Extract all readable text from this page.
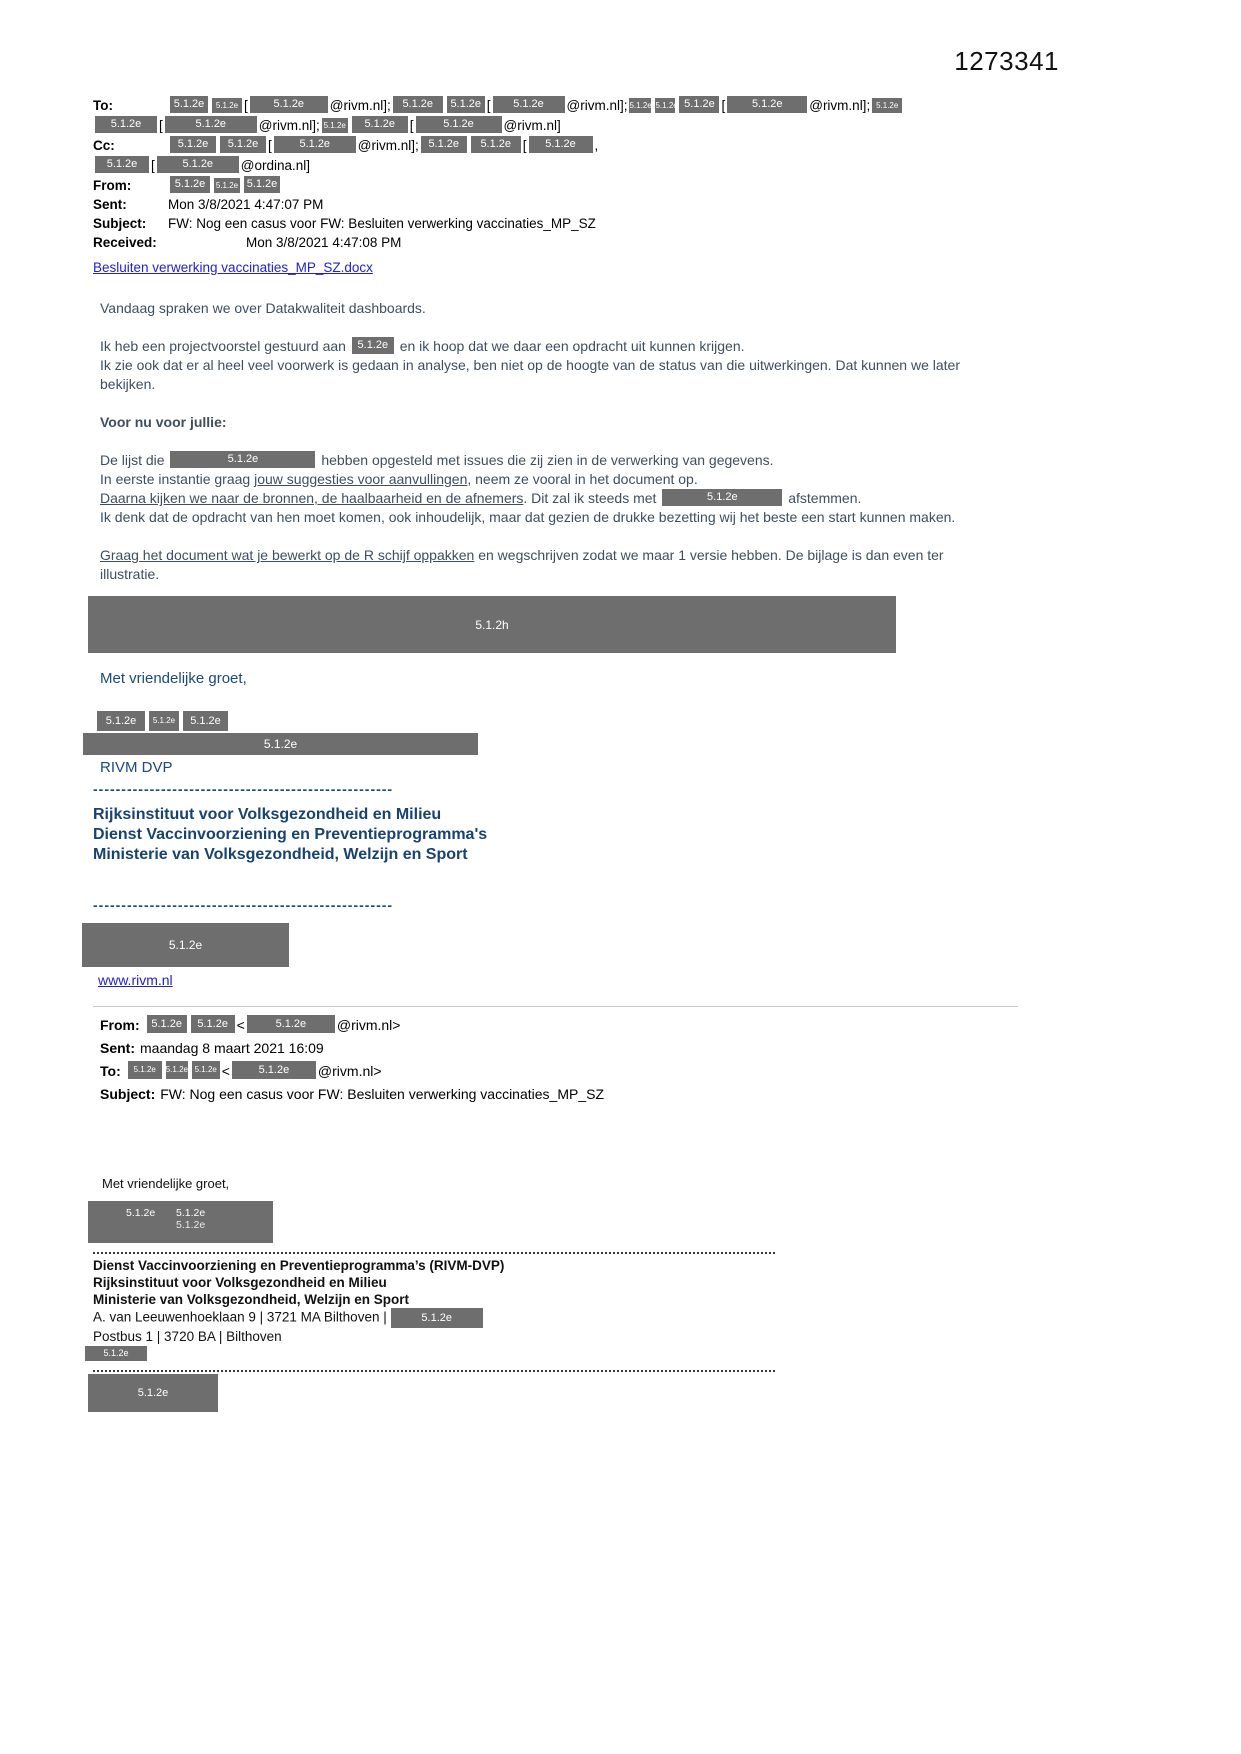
1273341
To:	5.1.2e 5.1.2e [ 5.1.2e @rivm.nl]; 5.1.2e 5.1.2e [ 5.1.2e @rivm.nl]; 5.1.2e 5.1.2e 5.1.2e [ 5.1.2e @rivm.nl]; 5.1.2e
5.1.2e [	5.1.2e @rivm.nl]; 5.1.2e 5.1.2e [	5.1.2e @rivm.nl]
Cc:	5.1.2e 5.1.2e [	5.1.2e @rivm.nl]; 5.1.2e 5.1.2e [ 5.1.2e ,
5.1.2e [	5.1.2e @ordina.nl]
From:	5.1.2e 5.1.2e 5.1.2e
Sent:	Mon 3/8/2021 4:47:07 PM
Subject: FW: Nog een casus voor FW: Besluiten verwerking vaccinaties_MP_SZ
Received:	Mon 3/8/2021 4:47:08 PM
Besluiten verwerking vaccinaties_MP_SZ.docx
Vandaag spraken we over Datakwaliteit dashboards.
Ik heb een projectvoorstel gestuurd aan 5.1.2e en ik hoop dat we daar een opdracht uit kunnen krijgen.
Ik zie ook dat er al heel veel voorwerk is gedaan in analyse, ben niet op de hoogte van de status van die uitwerkingen. Dat kunnen we later bekijken.
Voor nu voor jullie:
De lijst die	5.1.2e	hebben opgesteld met issues die zij zien in de verwerking van gegevens.
In eerste instantie graag jouw suggesties voor aanvullingen, neem ze vooral in het document op.
Daarna kijken we naar de bronnen, de haalbaarheid en de afnemers. Dit zal ik steeds met	5.1.2e	afstemmen.
Ik denk dat de opdracht van hen moet komen, ook inhoudelijk, maar dat gezien de drukke bezetting wij het beste een start kunnen maken.
Graag het document wat je bewerkt op de R schijf oppakken en wegschrijven zodat we maar 1 versie hebben. De bijlage is dan even ter illustratie.
5.1.2h
Met vriendelijke groet,
5.1.2e 5.1.2e 5.1.2e
5.1.2e
RIVM DVP
-----------------------------------------------------
Rijksinstituut voor Volksgezondheid en Milieu
Dienst Vaccinvoorziening en Preventieprogramma's
Ministerie van Volksgezondheid, Welzijn en Sport
-----------------------------------------------------
5.1.2e
www.rivm.nl
From: 5.1.2e 5.1.2e <	5.1.2e @rivm.nl>
Sent: maandag 8 maart 2021 16:09
To: 5.1.2e 5.1.2e 5.1.2e <	5.1.2e @rivm.nl>
Subject: FW: Nog een casus voor FW: Besluiten verwerking vaccinaties_MP_SZ
Met vriendelijke groet,
5.1.2e 5.1.2e
5.1.2e
Dienst Vaccinvoorziening en Preventieprogramma’s (RIVM-DVP)
Rijksinstituut voor Volksgezondheid en Milieu
Ministerie van Volksgezondheid, Welzijn en Sport
A. van Leeuwenhoeklaan 9 | 3721 MA Bilthoven |	5.1.2e
Postbus 1 | 3720 BA | Bilthoven
5.1.2e
5.1.2e
